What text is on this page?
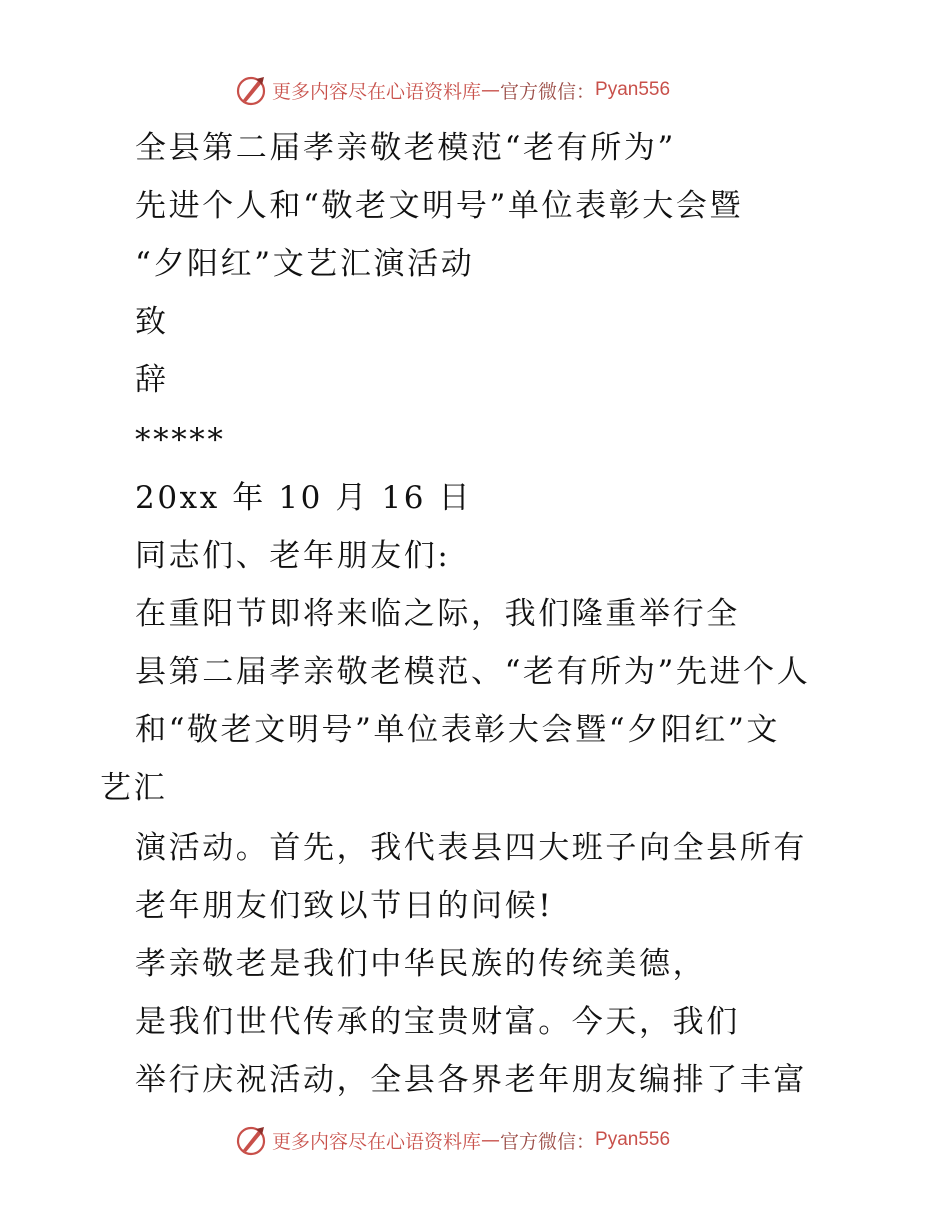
更多内容尽在心语资料库 — 官方微信： Pyan556
全县第二届孝亲敬老模范“老有所为”
先进个人和“敬老文明号”单位表彰大会暨
“夕阳红”文艺汇演活动
致
辞
*****
20xx 年 10 月 16 日
同志们、老年朋友们:
在重阳节即将来临之际，我们隆重举行全
县第二届孝亲敬老模范、“老有所为”先进个人
和“敬老文明号”单位表彰大会暨“夕阳红”文
艺汇
演活动。首先，我代表县四大班子向全县所有
老年朋友们致以节日的问候!
孝亲敬老是我们中华民族的传统美德，
是我们世代传承的宝贵财富。今天，我们
举行庆祝活动，全县各界老年朋友编排了丰富
更多内容尽在心语资料库 — 官方微信： Pyan556
